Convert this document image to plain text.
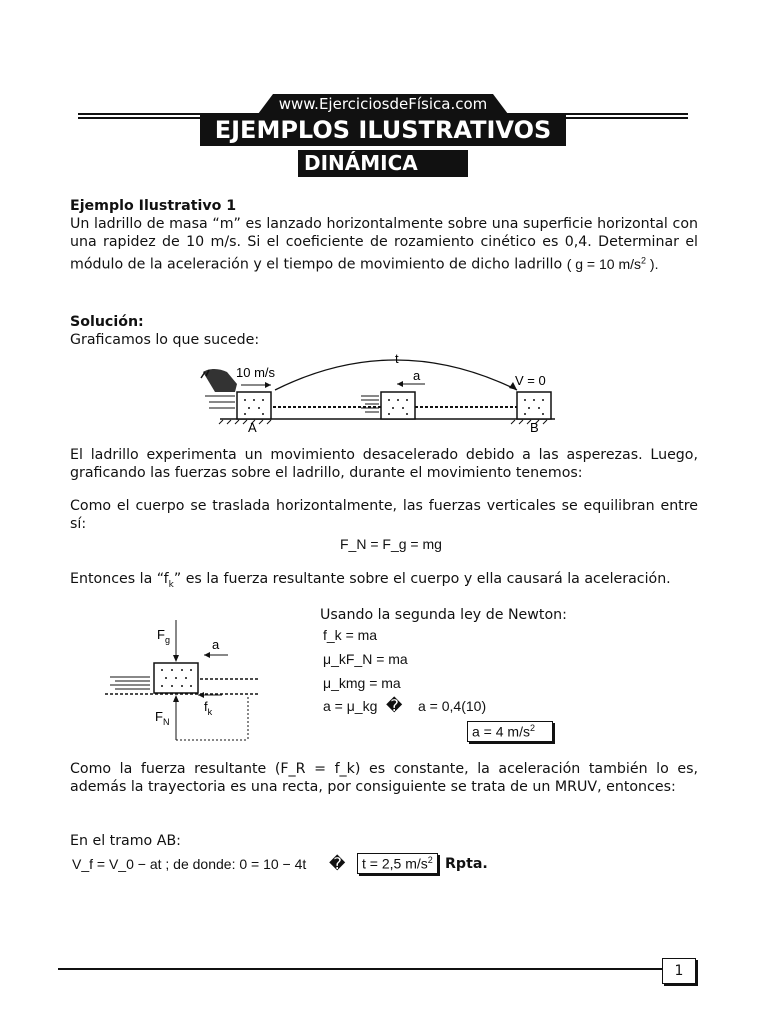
www.EjerciciosdeFísica.com
EJEMPLOS ILUSTRATIVOS
DINÁMICA
Ejemplo Ilustrativo 1
Un ladrillo de masa “m” es lanzado horizontalmente sobre una superficie horizontal con una rapidez de 10 m/s. Si el coeficiente de rozamiento cinético es 0,4. Determinar el módulo de la aceleración y el tiempo de movimiento de dicho ladrillo ( g = 10 $m/s^2$ ).
Solución:
Graficamos lo que sucede:
10 m/s
t
a	V = 0
A	B
El ladrillo experimenta un movimiento desacelerado debido a las asperezas. Luego, graficando las fuerzas sobre el ladrillo, durante el movimiento tenemos:
Como el cuerpo se traslada horizontalmente, las fuerzas verticales se equilibran entre sí:
F_N = F_g = mg
Entonces la “$f_k$” es la fuerza resultante sobre el cuerpo y ella causará la aceleración.
$F_g$	a
$F_N$
$f_k$
Usando la segunda ley de Newton:
f_k = ma
μ_kF_N = ma
μ_kmg = ma
a = μ_kg � a = 0,4(10)
a = 4 $m/s^2$
Como la fuerza resultante (F_R = f_k) es constante, la aceleración también lo es, además la trayectoria es una recta, por consiguiente se trata de un MRUV, entonces:
En el tramo AB:
V_f = V_0 − at ; de donde: 0 = 10 − 4t �	t = 2,5 $m/s^2$ Rpta.
1
